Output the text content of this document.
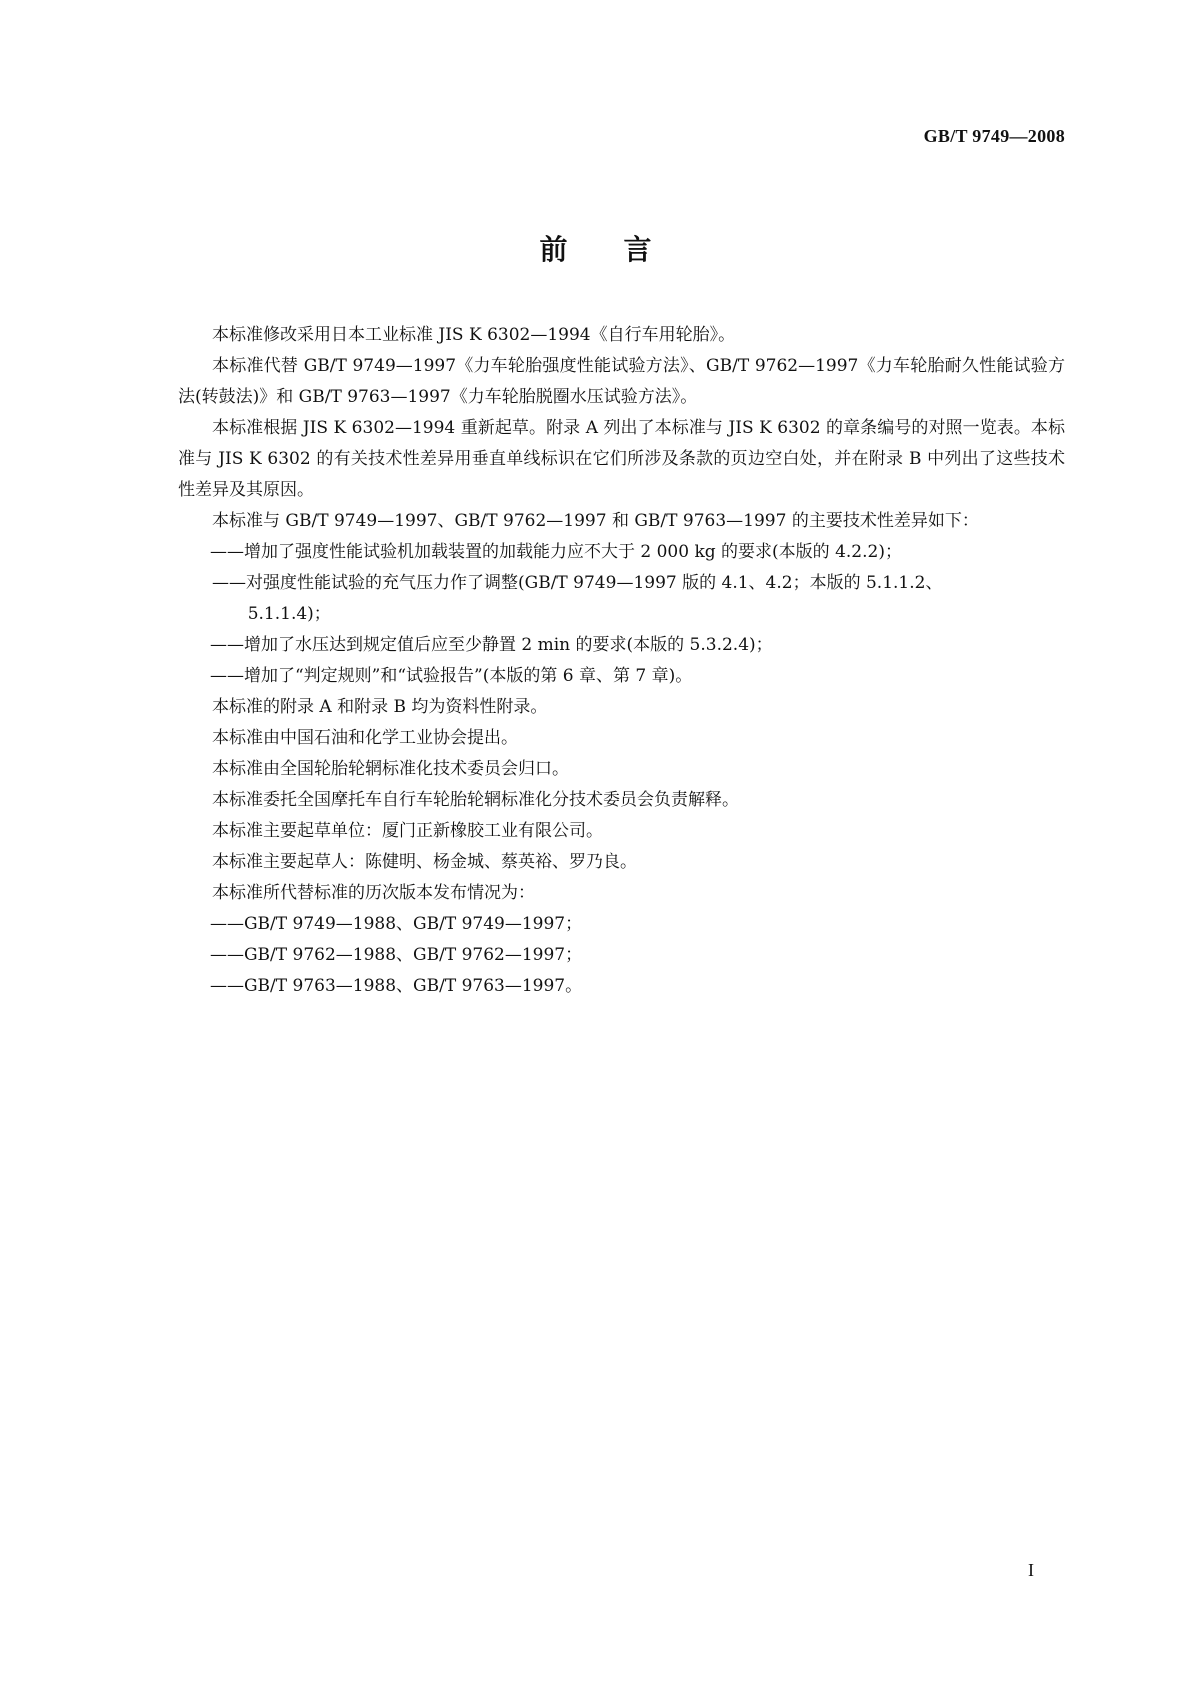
GB/T 9749—2008
前 言

本标准修改采用日本工业标准 JIS K 6302—1994《自行车用轮胎》。

本标准代替 GB/T 9749—1997《力车轮胎强度性能试验方法》、GB/T 9762—1997《力车轮胎耐久性能试验方法(转鼓法)》和 GB/T 9763—1997《力车轮胎脱圈水压试验方法》。

本标准根据 JIS K 6302—1994 重新起草。附录 A 列出了本标准与 JIS K 6302 的章条编号的对照一览表。本标准与 JIS K 6302 的有关技术性差异用垂直单线标识在它们所涉及条款的页边空白处，并在附录 B 中列出了这些技术性差异及其原因。

本标准与 GB/T 9749—1997、GB/T 9762—1997 和 GB/T 9763—1997 的主要技术性差异如下：

——增加了强度性能试验机加载装置的加载能力应不大于 2 000 kg 的要求(本版的 4.2.2)；

——对强度性能试验的充气压力作了调整(GB/T 9749—1997 版的 4.1、4.2；本版的 5.1.1.2、
5.1.1.4)；

——增加了水压达到规定值后应至少静置 2 min 的要求(本版的 5.3.2.4)；

——增加了“判定规则”和“试验报告”(本版的第 6 章、第 7 章)。

本标准的附录 A 和附录 B 均为资料性附录。

本标准由中国石油和化学工业协会提出。

本标准由全国轮胎轮辋标准化技术委员会归口。

本标准委托全国摩托车自行车轮胎轮辋标准化分技术委员会负责解释。

本标准主要起草单位：厦门正新橡胶工业有限公司。

本标准主要起草人：陈健明、杨金城、蔡英裕、罗乃良。

本标准所代替标准的历次版本发布情况为：

——GB/T 9749—1988、GB/T 9749—1997；

——GB/T 9762—1988、GB/T 9762—1997；

——GB/T 9763—1988、GB/T 9763—1997。

I
